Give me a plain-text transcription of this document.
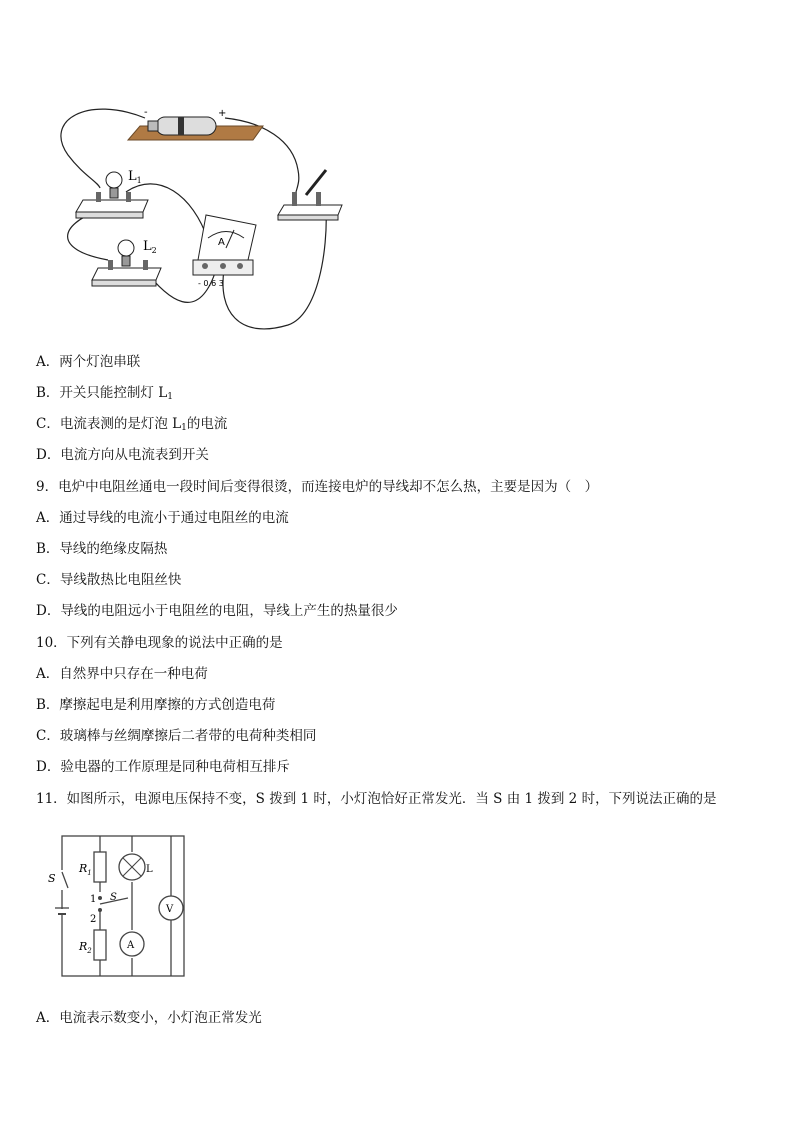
-	+
$L_1$
$L_2$
A
- 0.6 3
A．两个灯泡串联
B．开关只能控制灯 $L_1$
C．电流表测的是灯泡 $L_1$的电流
D．电流方向从电流表到开关
9．电炉中电阻丝通电一段时间后变得很烫，而连接电炉的导线却不怎么热，主要是因为（　）
A．通过导线的电流小于通过电阻丝的电流
B．导线的绝缘皮隔热
C．导线散热比电阻丝快
D．导线的电阻远小于电阻丝的电阻，导线上产生的热量很少
10．下列有关静电现象的说法中正确的是
A．自然界中只存在一种电荷
B．摩擦起电是利用摩擦的方式创造电荷
C．玻璃棒与丝绸摩擦后二者带的电荷种类相同
D．验电器的工作原理是同种电荷相互排斥
11．如图所示，电源电压保持不变，S 拨到 1 时，小灯泡恰好正常发光．当 S 由 1 拨到 2 时，下列说法正确的是
S
$R_1$
$R_2$
L
A
V
1
2
S
A．电流表示数变小，小灯泡正常发光
